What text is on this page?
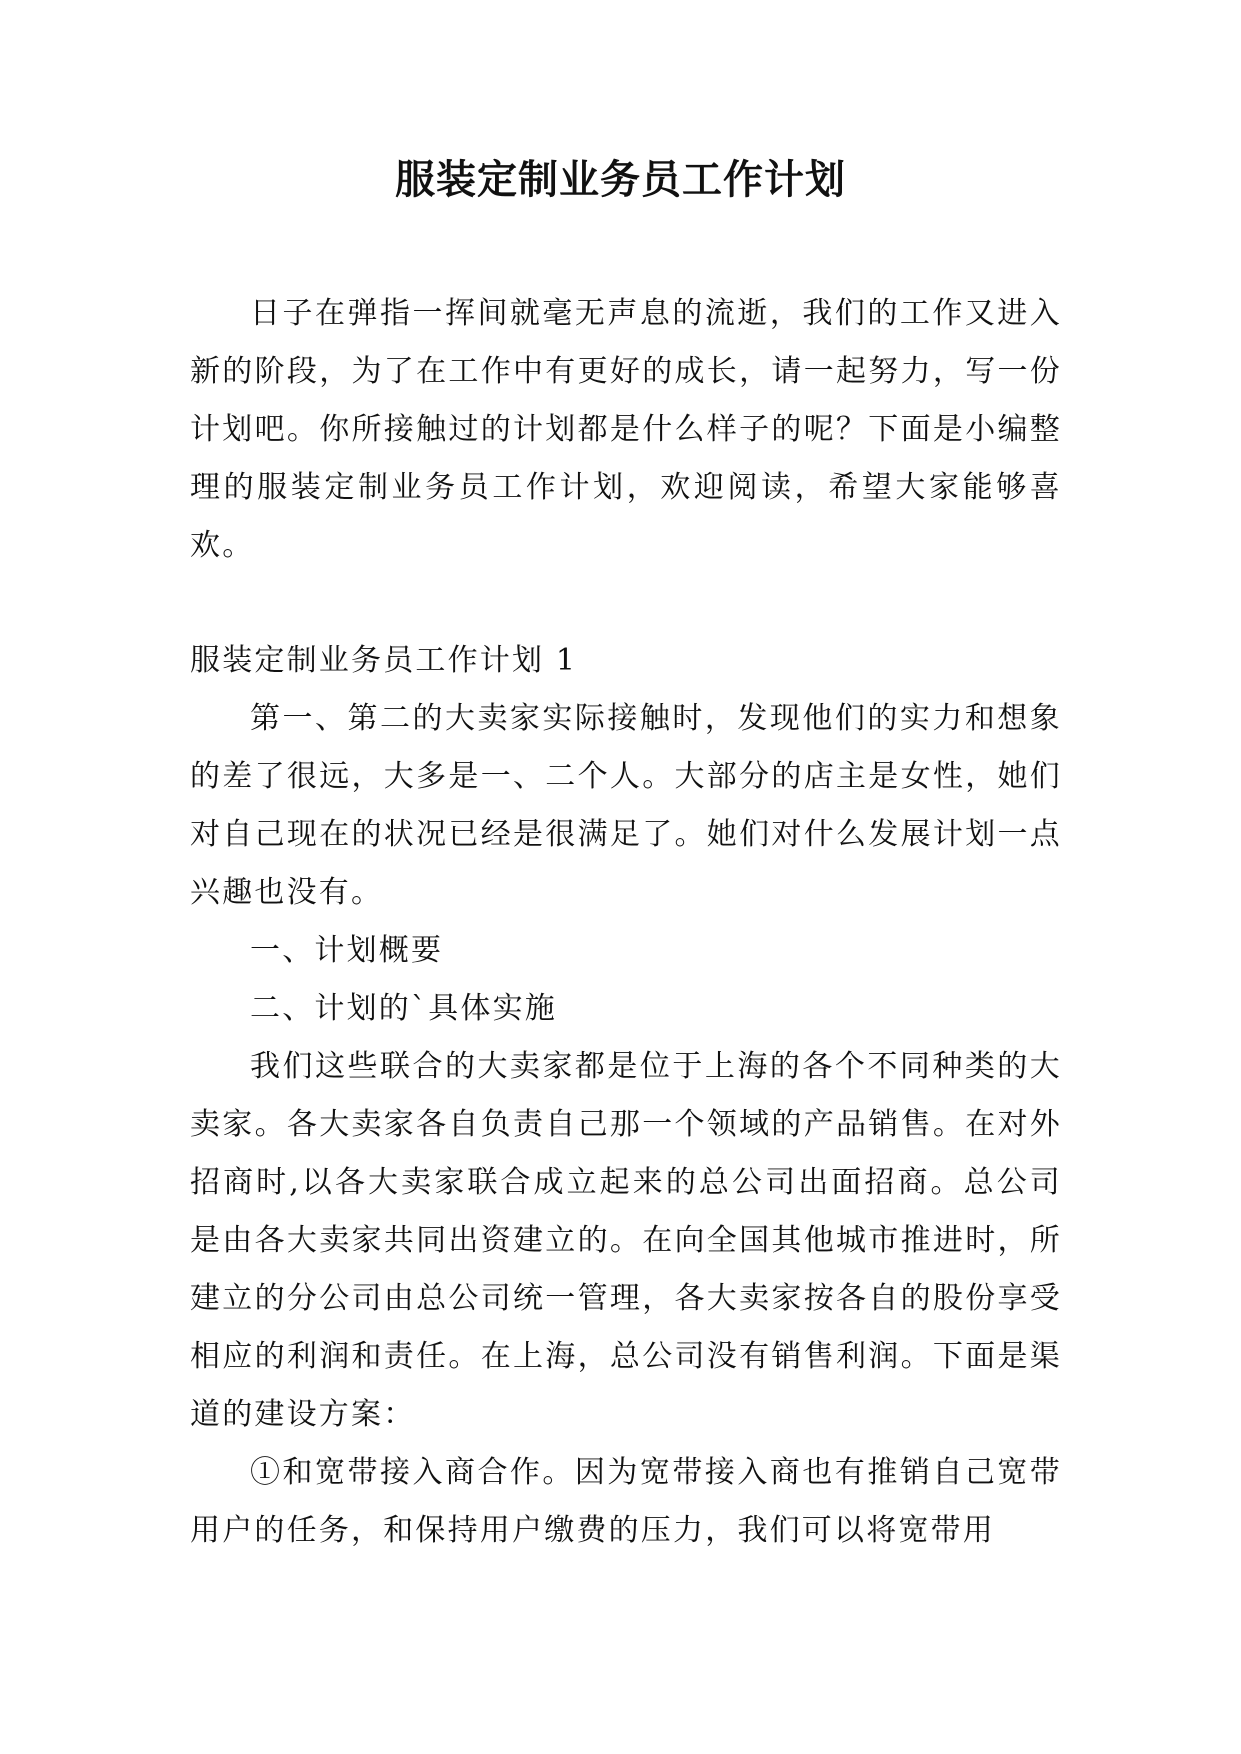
服装定制业务员工作计划

日子在弹指一挥间就毫无声息的流逝，我们的工作又进入新的阶段，为了在工作中有更好的成长，请一起努力，写一份计划吧。你所接触过的计划都是什么样子的呢？下面是小编整理的服装定制业务员工作计划，欢迎阅读，希望大家能够喜欢。

服装定制业务员工作计划 1

第一、第二的大卖家实际接触时，发现他们的实力和想象的差了很远，大多是一、二个人。大部分的店主是女性，她们对自己现在的状况已经是很满足了。她们对什么发展计划一点兴趣也没有。

一、计划概要

二、计划的`具体实施

我们这些联合的大卖家都是位于上海的各个不同种类的大卖家。各大卖家各自负责自己那一个领域的产品销售。在对外招商时,以各大卖家联合成立起来的总公司出面招商。总公司是由各大卖家共同出资建立的。在向全国其他城市推进时，所建立的分公司由总公司统一管理，各大卖家按各自的股份享受相应的利润和责任。在上海，总公司没有销售利润。下面是渠道的建设方案：

①和宽带接入商合作。因为宽带接入商也有推销自己宽带用户的任务，和保持用户缴费的压力，我们可以将宽带用
